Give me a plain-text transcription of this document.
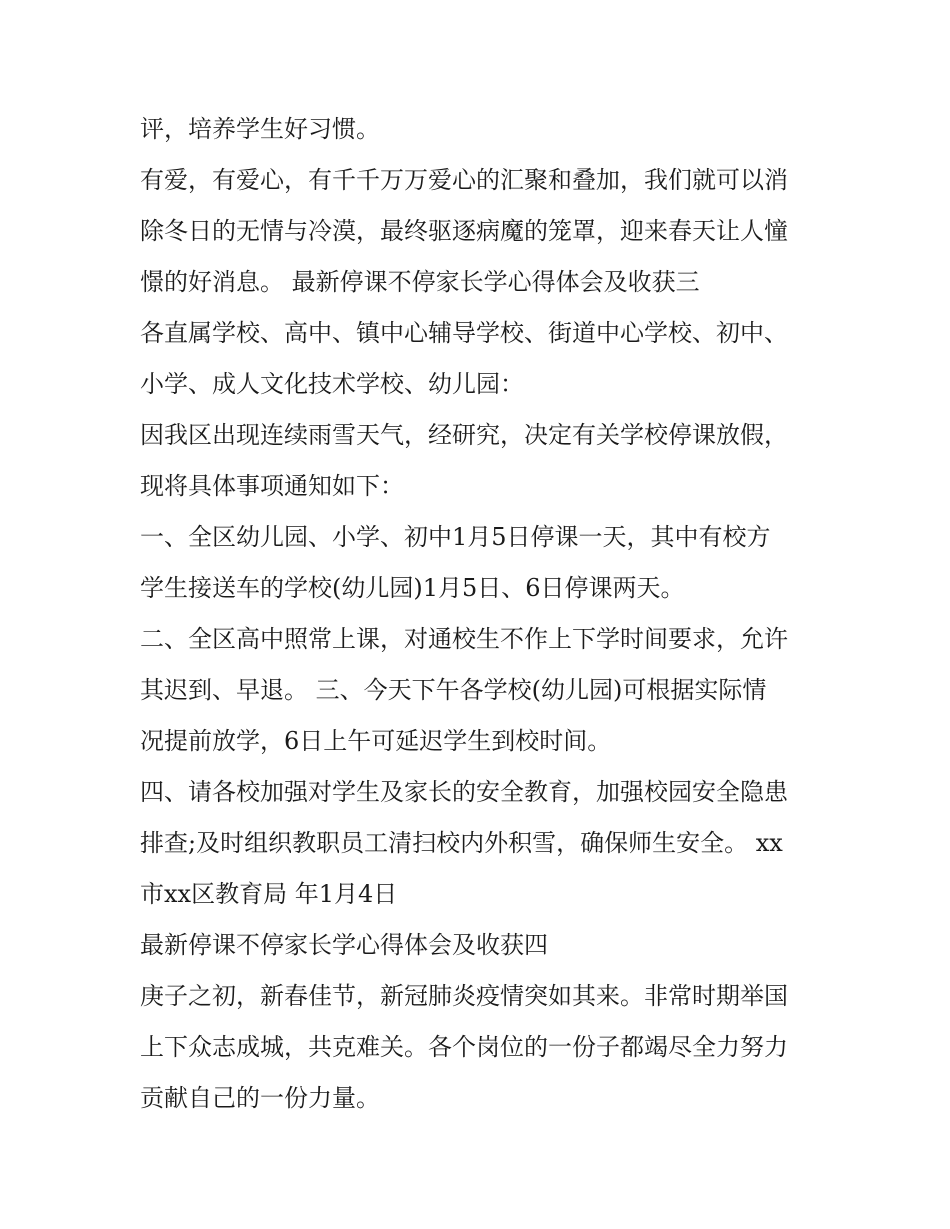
评，培养学生好习惯。
有爱，有爱心，有千千万万爱心的汇聚和叠加，我们就可以消
除冬日的无情与冷漠，最终驱逐病魔的笼罩，迎来春天让人憧
憬的好消息。 最新停课不停家长学心得体会及收获三
各直属学校、高中、镇中心辅导学校、街道中心学校、初中、
小学、成人文化技术学校、幼儿园：
因我区出现连续雨雪天气，经研究，决定有关学校停课放假，
现将具体事项通知如下：
一、全区幼儿园、小学、初中1月5日停课一天，其中有校方
学生接送车的学校(幼儿园)1月5日、6日停课两天。
二、全区高中照常上课，对通校生不作上下学时间要求，允许
其迟到、早退。 三、今天下午各学校(幼儿园)可根据实际情
况提前放学，6日上午可延迟学生到校时间。
四、请各校加强对学生及家长的安全教育，加强校园安全隐患
排查;及时组织教职员工清扫校内外积雪，确保师生安全。 xx
市xx区教育局 年1月4日
最新停课不停家长学心得体会及收获四
庚子之初，新春佳节，新冠肺炎疫情突如其来。非常时期举国
上下众志成城，共克难关。各个岗位的一份子都竭尽全力努力
贡献自己的一份力量。
